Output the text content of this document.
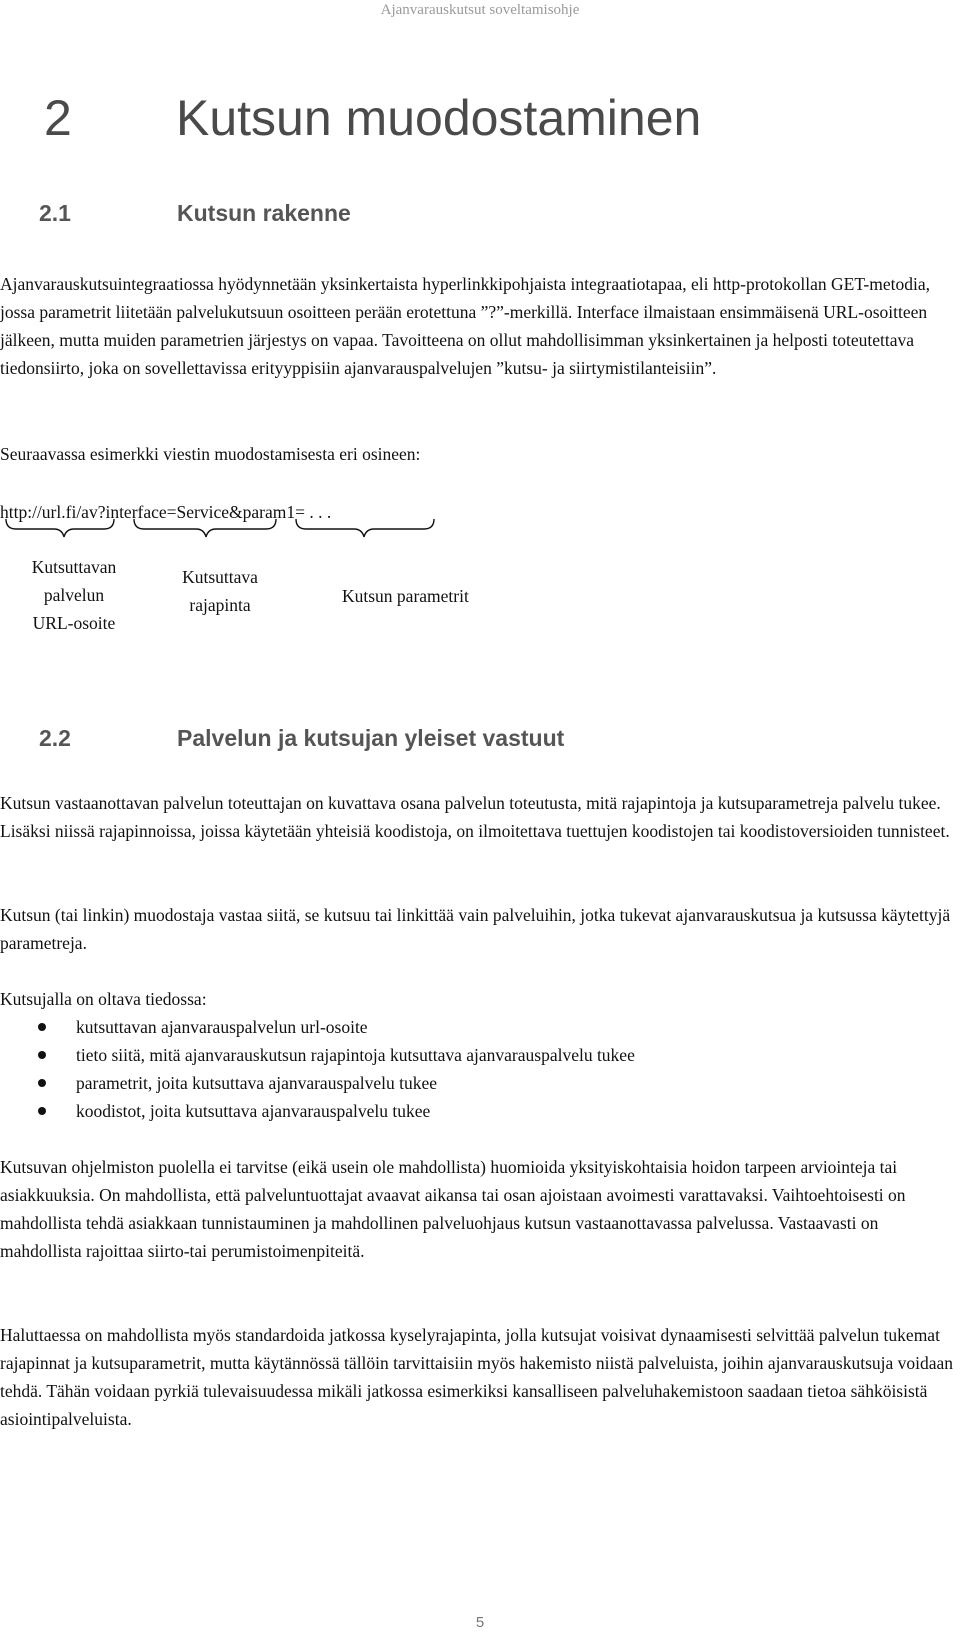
Ajanvarauskutsut soveltamisohje
2 Kutsun muodostaminen
2.1	Kutsun rakenne

Ajanvarauskutsuintegraatiossa hyödynnetään yksinkertaista hyperlinkkipohjaista integraatiotapaa, eli http-protokollan GET-metodia, jossa parametrit liitetään palvelukutsuun osoitteen perään erotettuna ”?”-merkillä. Interface ilmaistaan ensimmäisenä URL-osoitteen jälkeen, mutta muiden parametrien järjestys on vapaa. Tavoitteena on ollut mahdollisimman yksinkertainen ja helposti toteutettava tiedonsiirto, joka on sovellettavissa erityyppisiin ajanvarauspalvelujen ”kutsu- ja siirtymistilanteisiin”.

Seuraavassa esimerkki viestin muodostamisesta eri osineen:

http://url.fi/av?interface=Service&param1= . . .
Kutsuttavan
palvelun
URL-osoite
Kutsuttava
rajapinta	Kutsun parametrit
2.2	Palvelun ja kutsujan yleiset vastuut

Kutsun vastaanottavan palvelun toteuttajan on kuvattava osana palvelun toteutusta, mitä rajapintoja ja kutsuparametreja palvelu tukee. Lisäksi niissä rajapinnoissa, joissa käytetään yhteisiä koodistoja, on ilmoitettava tuettujen koodistojen tai koodistoversioiden tunnisteet.

Kutsun (tai linkin) muodostaja vastaa siitä, se kutsuu tai linkittää vain palveluihin, jotka tukevat ajanvarauskutsua ja kutsussa käytettyjä parametreja.

Kutsujalla on oltava tiedossa:

kutsuttavan ajanvarauspalvelun url-osoite
tieto siitä, mitä ajanvarauskutsun rajapintoja kutsuttava ajanvarauspalvelu tukee
parametrit, joita kutsuttava ajanvarauspalvelu tukee
koodistot, joita kutsuttava ajanvarauspalvelu tukee

Kutsuvan ohjelmiston puolella ei tarvitse (eikä usein ole mahdollista) huomioida yksityiskohtaisia hoidon tarpeen arviointeja tai asiakkuuksia. On mahdollista, että palveluntuottajat avaavat aikansa tai osan ajoistaan avoimesti varattavaksi. Vaihtoehtoisesti on mahdollista tehdä asiakkaan tunnistauminen ja mahdollinen palveluohjaus kutsun vastaanottavassa palvelussa. Vastaavasti on mahdollista rajoittaa siirto-tai perumistoimenpiteitä.

Haluttaessa on mahdollista myös standardoida jatkossa kyselyrajapinta, jolla kutsujat voisivat dynaamisesti selvittää palvelun tukemat rajapinnat ja kutsuparametrit, mutta käytännössä tällöin tarvittaisiin myös hakemisto niistä palveluista, joihin ajanvarauskutsuja voidaan tehdä. Tähän voidaan pyrkiä tulevaisuudessa mikäli jatkossa esimerkiksi kansalliseen palveluhakemistoon saadaan tietoa sähköisistä asiointipalveluista.

5
